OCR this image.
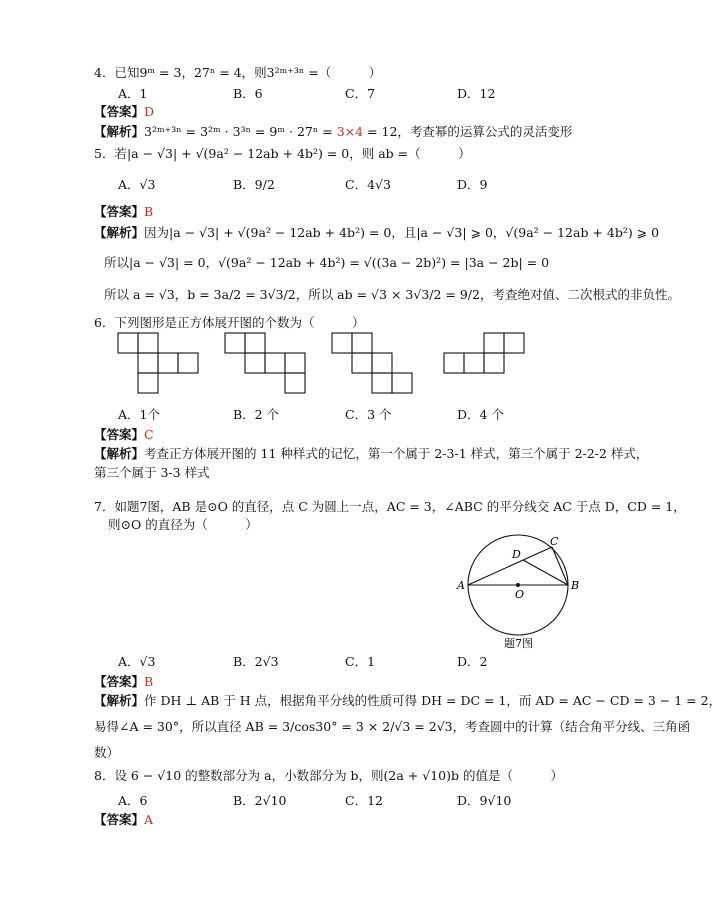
4．已知9ᵐ = 3，27ⁿ = 4，则3²ᵐ⁺³ⁿ =（　　　）
A．1	B．6	C．7	D．12
【答案】D
【解析】3²ᵐ⁺³ⁿ = 3²ᵐ · 3³ⁿ = 9ᵐ · 27ⁿ = 3×4 = 12，考查幂的运算公式的灵活变形
5．若|a − √3| + √(9a² − 12ab + 4b²) = 0，则 ab =（　　　）
A．√3	B．9/2	C．4√3	D．9
【答案】B
【解析】因为|a − √3| + √(9a² − 12ab + 4b²) = 0，且|a − √3| ⩾ 0，√(9a² − 12ab + 4b²) ⩾ 0
所以|a − √3| = 0，√(9a² − 12ab + 4b²) = √((3a − 2b)²) = |3a − 2b| = 0
所以 a = √3，b = 3a/2 = 3√3/2，所以 ab = √3 × 3√3/2 = 9/2，考查绝对值、二次根式的非负性。
6．下列图形是正方体展开图的个数为（　　　）
A．1个	B．2 个	C．3 个	D．4 个
【答案】C
【解析】考查正方体展开图的 11 种样式的记忆，第一个属于 2-3-1 样式，第三个属于 2-2-2 样式，
第三个属于 3-3 样式
7．如题7图，AB 是⊙O 的直径，点 C 为圆上一点，AC = 3，∠ABC 的平分线交 AC 于点 D，CD = 1，
则⊙O 的直径为（　　　）
A	B
C
D
O
题7图
A．√3	B．2√3	C．1	D．2
【答案】B
【解析】作 DH ⊥ AB 于 H 点，根据角平分线的性质可得 DH = DC = 1，而 AD = AC − CD = 3 − 1 = 2，
易得∠A = 30°，所以直径 AB = 3/cos30° = 3 × 2/√3 = 2√3，考查圆中的计算（结合角平分线、三角函
数）
8．设 6 − √10 的整数部分为 a，小数部分为 b，则(2a + √10)b 的值是（　　　）
A．6	B．2√10	C．12	D．9√10
【答案】A
